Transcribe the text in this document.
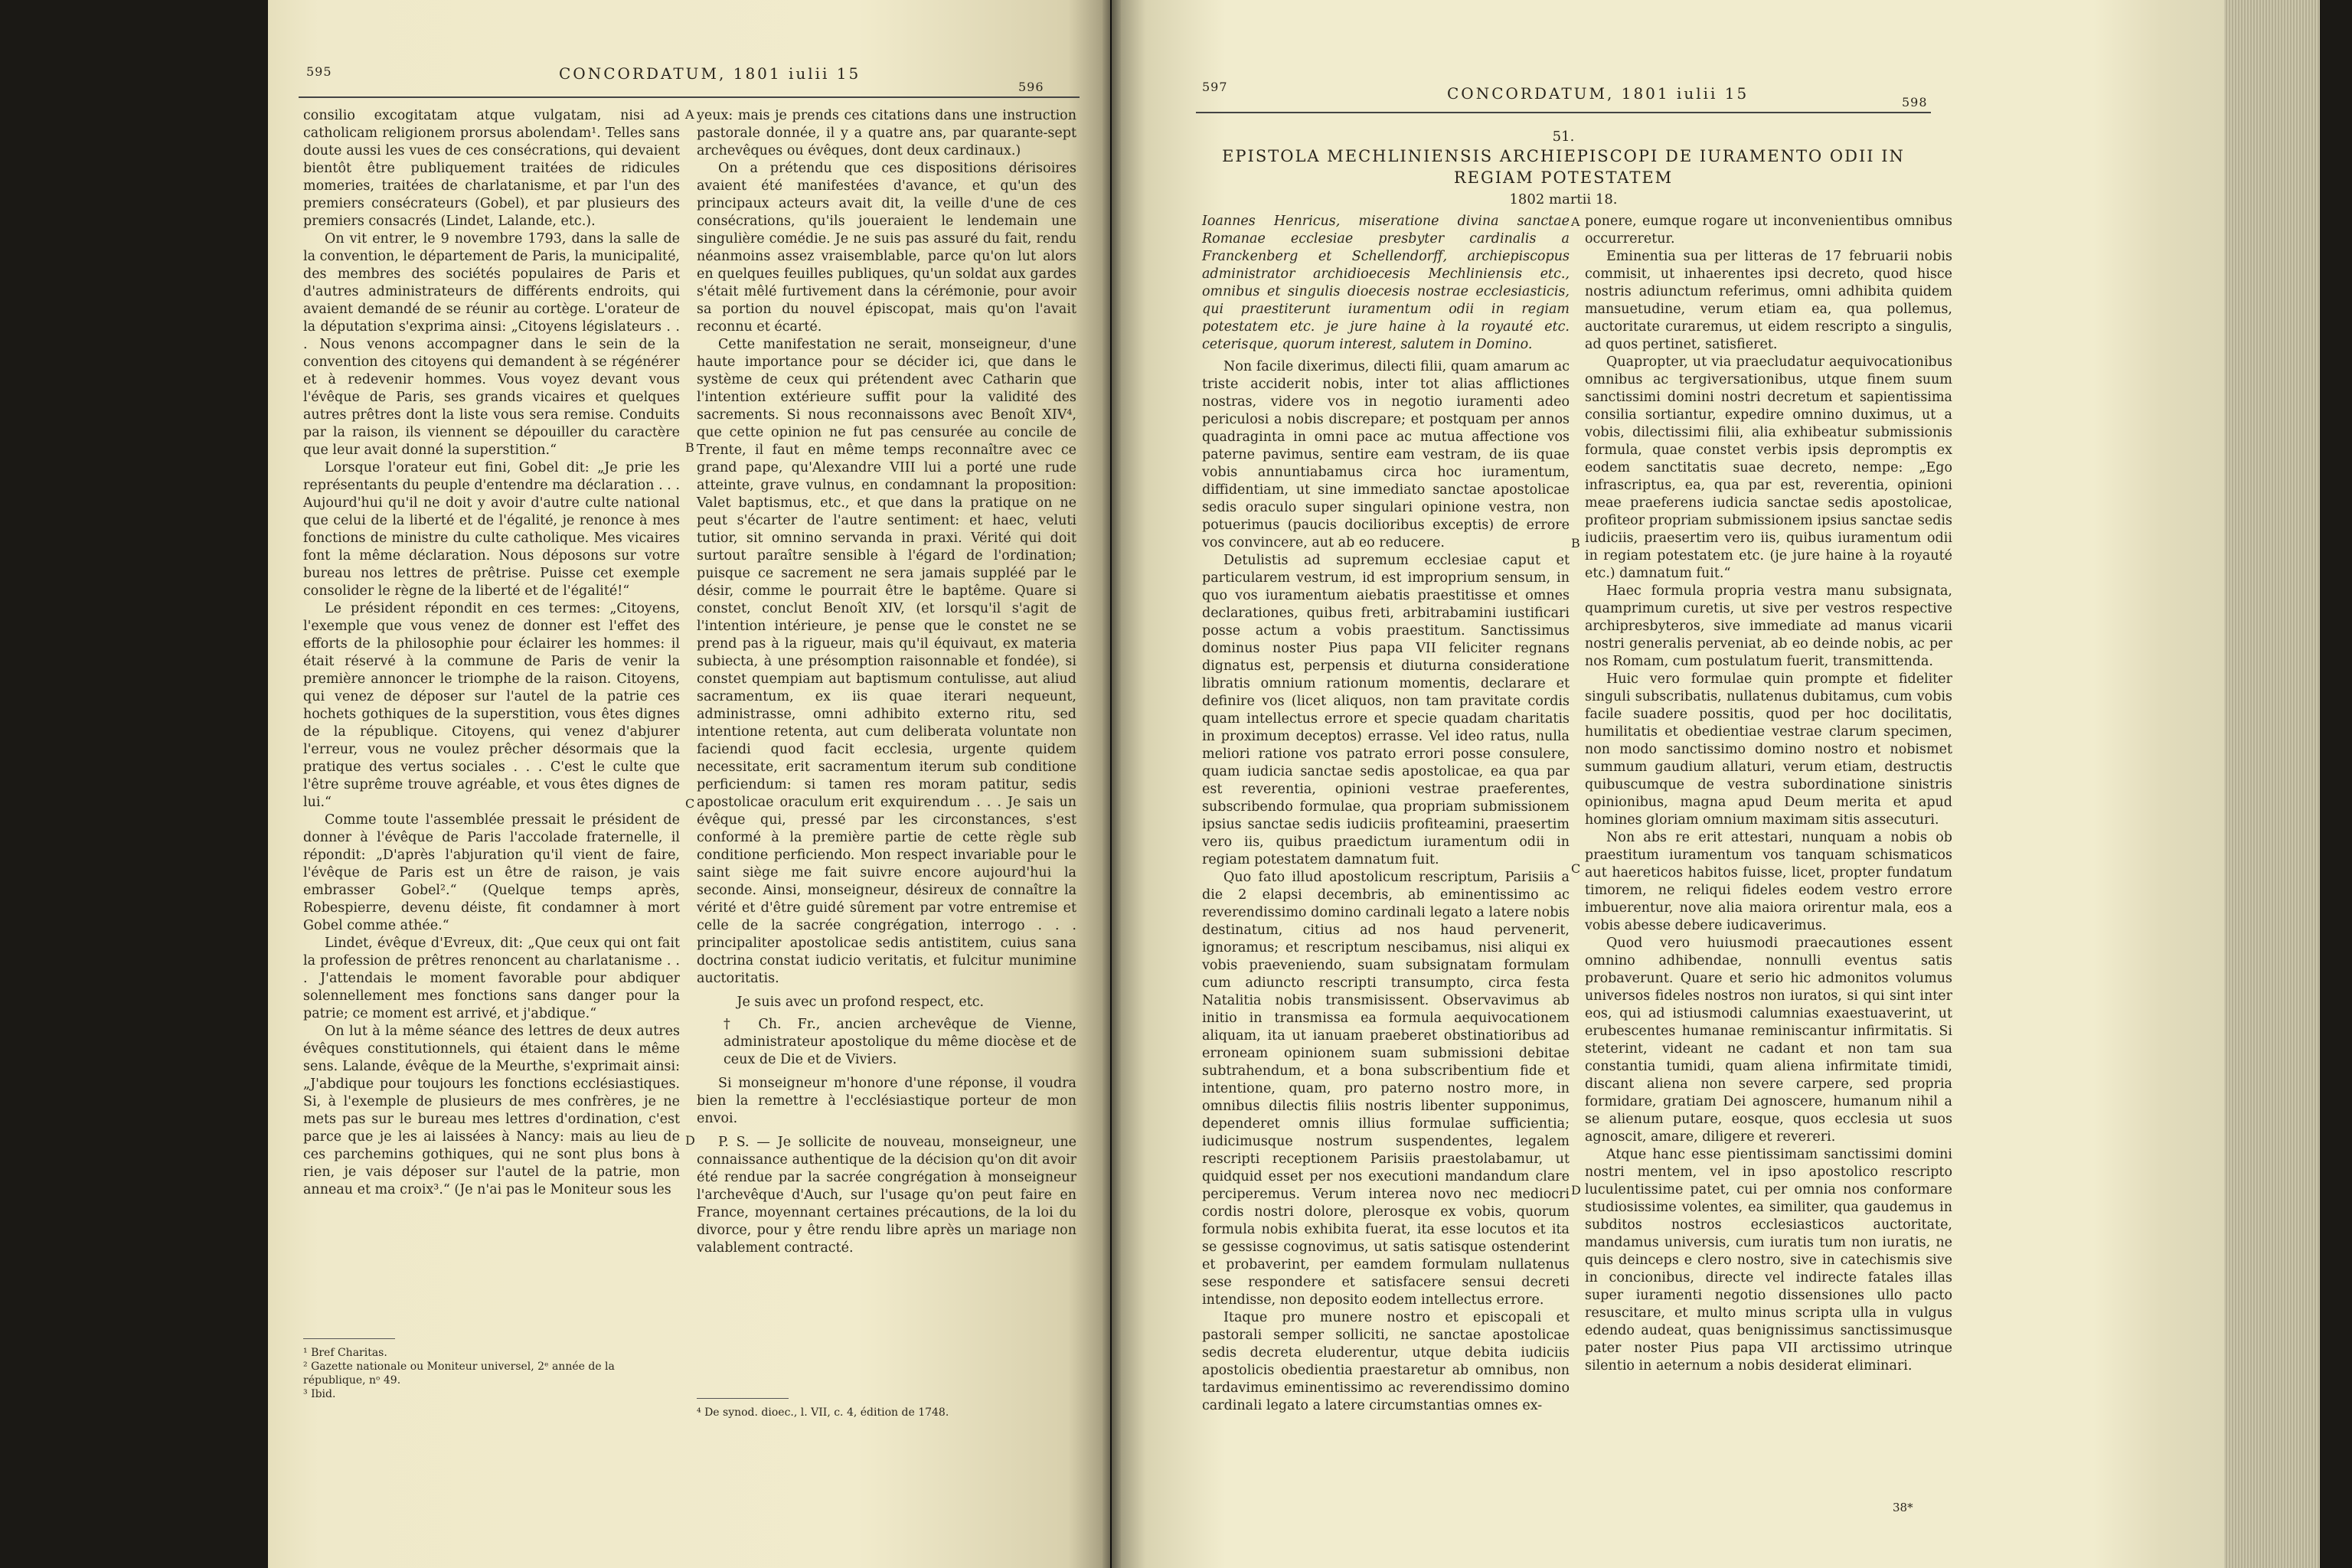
595	CONCORDATUM, 1801 iulii 15
596

consilio excogitatam atque vulgatam, nisi ad catholicam religionem prorsus abolendam¹. Telles sans doute aussi les vues de ces consécrations, qui devaient bientôt être publiquement traitées de ridicules momeries, traitées de charlatanisme, et par l'un des premiers consécrateurs (Gobel), et par plusieurs des premiers consacrés (Lindet, Lalande, etc.).

On vit entrer, le 9 novembre 1793, dans la salle de la convention, le département de Paris, la municipalité, des membres des sociétés populaires de Paris et d'autres administrateurs de différents endroits, qui avaient demandé de se réunir au cortège. L'orateur de la députation s'exprima ainsi: „Citoyens législateurs . . . Nous venons accompagner dans le sein de la convention des citoyens qui demandent à se régénérer et à redevenir hommes. Vous voyez devant vous l'évêque de Paris, ses grands vicaires et quelques autres prêtres dont la liste vous sera remise. Conduits par la raison, ils viennent se dépouiller du caractère que leur avait donné la superstition.“

Lorsque l'orateur eut fini, Gobel dit: „Je prie les représentants du peuple d'entendre ma déclaration . . . Aujourd'hui qu'il ne doit y avoir d'autre culte national que celui de la liberté et de l'égalité, je renonce à mes fonctions de ministre du culte catholique. Mes vicaires font la même déclaration. Nous déposons sur votre bureau nos lettres de prêtrise. Puisse cet exemple consolider le règne de la liberté et de l'égalité!“

Le président répondit en ces termes: „Citoyens, l'exemple que vous venez de donner est l'effet des efforts de la philosophie pour éclairer les hommes: il était réservé à la commune de Paris de venir la première annoncer le triomphe de la raison. Citoyens, qui venez de déposer sur l'autel de la patrie ces hochets gothiques de la superstition, vous êtes dignes de la république. Citoyens, qui venez d'abjurer l'erreur, vous ne voulez prêcher désormais que la pratique des vertus sociales . . . C'est le culte que l'être suprême trouve agréable, et vous êtes dignes de lui.“

Comme toute l'assemblée pressait le président de donner à l'évêque de Paris l'accolade fraternelle, il répondit: „D'après l'abjuration qu'il vient de faire, l'évêque de Paris est un être de raison, je vais embrasser Gobel².“ (Quelque temps après, Robespierre, devenu déiste, fit condamner à mort Gobel comme athée.“

Lindet, évêque d'Evreux, dit: „Que ceux qui ont fait la profession de prêtres renoncent au charlatanisme . . . J'attendais le moment favorable pour abdiquer solennellement mes fonctions sans danger pour la patrie; ce moment est arrivé, et j'abdique.“

On lut à la même séance des lettres de deux autres évêques constitutionnels, qui étaient dans le même sens. Lalande, évêque de la Meurthe, s'exprimait ainsi: „J'abdique pour toujours les fonctions ecclésiastiques. Si, à l'exemple de plusieurs de mes confrères, je ne mets pas sur le bureau mes lettres d'ordination, c'est parce que je les ai laissées à Nancy: mais au lieu de ces parchemins gothiques, qui ne sont plus bons à rien, je vais déposer sur l'autel de la patrie, mon anneau et ma croix³.“ (Je n'ai pas le Moniteur sous les

¹ Bref Charitas.
² Gazette nationale ou Moniteur universel, 2ᵉ année de la république, nᵒ 49.
³ Ibid.

yeux: mais je prends ces citations dans une instruction pastorale donnée, il y a quatre ans, par quarante-sept archevêques ou évêques, dont deux cardinaux.)

On a prétendu que ces dispositions dérisoires avaient été manifestées d'avance, et qu'un des principaux acteurs avait dit, la veille d'une de ces consécrations, qu'ils joueraient le lendemain une singulière comédie. Je ne suis pas assuré du fait, rendu néanmoins assez vraisemblable, parce qu'on lut alors en quelques feuilles publiques, qu'un soldat aux gardes s'était mêlé furtivement dans la cérémonie, pour avoir sa portion du nouvel épiscopat, mais qu'on l'avait reconnu et écarté.

Cette manifestation ne serait, monseigneur, d'une haute importance pour se décider ici, que dans le système de ceux qui prétendent avec Catharin que l'intention extérieure suffit pour la validité des sacrements. Si nous reconnaissons avec Benoît XIV⁴, que cette opinion ne fut pas censurée au concile de Trente, il faut en même temps reconnaître avec ce grand pape, qu'Alexandre VIII lui a porté une rude atteinte, grave vulnus, en condamnant la proposition: Valet baptismus, etc., et que dans la pratique on ne peut s'écarter de l'autre sentiment: et haec, veluti tutior, sit omnino servanda in praxi. Vérité qui doit surtout paraître sensible à l'égard de l'ordination; puisque ce sacrement ne sera jamais suppléé par le désir, comme le pourrait être le baptême. Quare si constet, conclut Benoît XIV, (et lorsqu'il s'agit de l'intention intérieure, je pense que le constet ne se prend pas à la rigueur, mais qu'il équivaut, ex materia subiecta, à une présomption raisonnable et fondée), si constet quempiam aut baptismum contulisse, aut aliud sacramentum, ex iis quae iterari nequeunt, administrasse, omni adhibito externo ritu, sed intentione retenta, aut cum deliberata voluntate non faciendi quod facit ecclesia, urgente quidem necessitate, erit sacramentum iterum sub conditione perficiendum: si tamen res moram patitur, sedis apostolicae oraculum erit exquirendum . . . Je sais un évêque qui, pressé par les circonstances, s'est conformé à la première partie de cette règle sub conditione perficiendo. Mon respect invariable pour le saint siège me fait suivre encore aujourd'hui la seconde. Ainsi, monseigneur, désireux de connaître la vérité et d'être guidé sûrement par votre entremise et celle de la sacrée congrégation, interrogo . . . principaliter apostolicae sedis antistitem, cuius sana doctrina constat iudicio veritatis, et fulcitur munimine auctoritatis.

Je suis avec un profond respect, etc.

† Ch. Fr., ancien archevêque de Vienne, administrateur apostolique du même diocèse et de ceux de Die et de Viviers.

Si monseigneur m'honore d'une réponse, il voudra bien la remettre à l'ecclésiastique porteur de mon envoi.

P. S. — Je sollicite de nouveau, monseigneur, une connaissance authentique de la décision qu'on dit avoir été rendue par la sacrée congrégation à monseigneur l'archevêque d'Auch, sur l'usage qu'on peut faire en France, moyennant certaines précautions, de la loi du divorce, pour y être rendu libre après un mariage non valablement contracté.

⁴ De synod. dioec., l. VII, c. 4, édition de 1748.
A
B
C
D
597	CONCORDATUM, 1801 iulii 15	598
51.
EPISTOLA MECHLINIENSIS ARCHIEPISCOPI DE IURAMENTO ODII IN
REGIAM POTESTATEM
1802 martii 18.

Ioannes Henricus, miseratione divina sanctae Romanae ecclesiae presbyter cardinalis a Franckenberg et Schellendorff, archiepiscopus administrator archidioecesis Mechliniensis etc., omnibus et singulis dioecesis nostrae ecclesiasticis, qui praestiterunt iuramentum odii in regiam potestatem etc. je jure haine à la royauté etc. ceterisque, quorum interest, salutem in Domino.

Non facile dixerimus, dilecti filii, quam amarum ac triste acciderit nobis, inter tot alias afflictiones nostras, videre vos in negotio iuramenti adeo periculosi a nobis discrepare; et postquam per annos quadraginta in omni pace ac mutua affectione vos paterne pavimus, sentire eam vestram, de iis quae vobis annuntiabamus circa hoc iuramentum, diffidentiam, ut sine immediato sanctae apostolicae sedis oraculo super singulari opinione vestra, non potuerimus (paucis docilioribus exceptis) de errore vos convincere, aut ab eo reducere.

Detulistis ad supremum ecclesiae caput et particularem vestrum, id est improprium sensum, in quo vos iuramentum aiebatis praestitisse et omnes declarationes, quibus freti, arbitrabamini iustificari posse actum a vobis praestitum. Sanctissimus dominus noster Pius papa VII feliciter regnans dignatus est, perpensis et diuturna consideratione libratis omnium rationum momentis, declarare et definire vos (licet aliquos, non tam pravitate cordis quam intellectus errore et specie quadam charitatis in proximum deceptos) errasse. Vel ideo ratus, nulla meliori ratione vos patrato errori posse consulere, quam iudicia sanctae sedis apostolicae, ea qua par est reverentia, opinioni vestrae praeferentes, subscribendo formulae, qua propriam submissionem ipsius sanctae sedis iudiciis profiteamini, praesertim vero iis, quibus praedictum iuramentum odii in regiam potestatem damnatum fuit.

Quo fato illud apostolicum rescriptum, Parisiis a die 2 elapsi decembris, ab eminentissimo ac reverendissimo domino cardinali legato a latere nobis destinatum, citius ad nos haud pervenerit, ignoramus; et rescriptum nescibamus, nisi aliqui ex vobis praeveniendo, suam subsignatam formulam cum adiuncto rescripti transumpto, circa festa Natalitia nobis transmisissent. Observavimus ab initio in transmissa ea formula aequivocationem aliquam, ita ut ianuam praeberet obstinatioribus ad erroneam opinionem suam submissioni debitae subtrahendum, et a bona subscribentium fide et intentione, quam, pro paterno nostro more, in omnibus dilectis filiis nostris libenter supponimus, dependeret omnis illius formulae sufficientia; iudicimusque nostrum suspendentes, legalem rescripti receptionem Parisiis praestolabamur, ut quidquid esset per nos executioni mandandum clare perciperemus. Verum interea novo nec mediocri cordis nostri dolore, plerosque ex vobis, quorum formula nobis exhibita fuerat, ita esse locutos et ita se gessisse cognovimus, ut satis satisque ostenderint et probaverint, per eamdem formulam nullatenus sese respondere et satisfacere sensui decreti intendisse, non deposito eodem intellectus errore.

Itaque pro munere nostro et episcopali et pastorali semper solliciti, ne sanctae apostolicae sedis decreta eluderentur, utque debita iudiciis apostolicis obedientia praestaretur ab omnibus, non tardavimus eminentissimo ac reverendissimo domino cardinali legato a latere circumstantias omnes ex-

ponere, eumque rogare ut inconvenientibus omnibus occurreretur.

Eminentia sua per litteras de 17 februarii nobis commisit, ut inhaerentes ipsi decreto, quod hisce nostris adiunctum referimus, omni adhibita quidem mansuetudine, verum etiam ea, qua pollemus, auctoritate curaremus, ut eidem rescripto a singulis, ad quos pertinet, satisfieret.

Quapropter, ut via praecludatur aequivocationibus omnibus ac tergiversationibus, utque finem suum sanctissimi domini nostri decretum et sapientissima consilia sortiantur, expedire omnino duximus, ut a vobis, dilectissimi filii, alia exhibeatur submissionis formula, quae constet verbis ipsis depromptis ex eodem sanctitatis suae decreto, nempe: „Ego infrascriptus, ea, qua par est, reverentia, opinioni meae praeferens iudicia sanctae sedis apostolicae, profiteor propriam submissionem ipsius sanctae sedis iudiciis, praesertim vero iis, quibus iuramentum odii in regiam potestatem etc. (je jure haine à la royauté etc.) damnatum fuit.“

Haec formula propria vestra manu subsignata, quamprimum curetis, ut sive per vestros respective archipresbyteros, sive immediate ad manus vicarii nostri generalis perveniat, ab eo deinde nobis, ac per nos Romam, cum postulatum fuerit, transmittenda.

Huic vero formulae quin prompte et fideliter singuli subscribatis, nullatenus dubitamus, cum vobis facile suadere possitis, quod per hoc docilitatis, humilitatis et obedientiae vestrae clarum specimen, non modo sanctissimo domino nostro et nobismet summum gaudium allaturi, verum etiam, destructis quibuscumque de vestra subordinatione sinistris opinionibus, magna apud Deum merita et apud homines gloriam omnium maximam sitis assecuturi.

Non abs re erit attestari, nunquam a nobis ob praestitum iuramentum vos tanquam schismaticos aut haereticos habitos fuisse, licet, propter fundatum timorem, ne reliqui fideles eodem vestro errore imbuerentur, nove alia maiora orirentur mala, eos a vobis abesse debere iudicaverimus.

Quod vero huiusmodi praecautiones essent omnino adhibendae, nonnulli eventus satis probaverunt. Quare et serio hic admonitos volumus universos fideles nostros non iuratos, si qui sint inter eos, qui ad istiusmodi calumnias exaestuaverint, ut erubescentes humanae reminiscantur infirmitatis. Si steterint, videant ne cadant et non tam sua constantia tumidi, quam aliena infirmitate timidi, discant aliena non severe carpere, sed propria formidare, gratiam Dei agnoscere, humanum nihil a se alienum putare, eosque, quos ecclesia ut suos agnoscit, amare, diligere et revereri.

Atque hanc esse pientissimam sanctissimi domini nostri mentem, vel in ipso apostolico rescripto luculentissime patet, cui per omnia nos conformare studiosissime volentes, ea similiter, qua gaudemus in subditos nostros ecclesiasticos auctoritate, mandamus universis, cum iuratis tum non iuratis, ne quis deinceps e clero nostro, sive in catechismis sive in concionibus, directe vel indirecte fatales illas super iuramenti negotio dissensiones ullo pacto resuscitare, et multo minus scripta ulla in vulgus edendo audeat, quas benignissimus sanctissimusque pater noster Pius papa VII arctissimo utrinque silentio in aeternum a nobis desiderat eliminari.

A
B
C
D
38*
